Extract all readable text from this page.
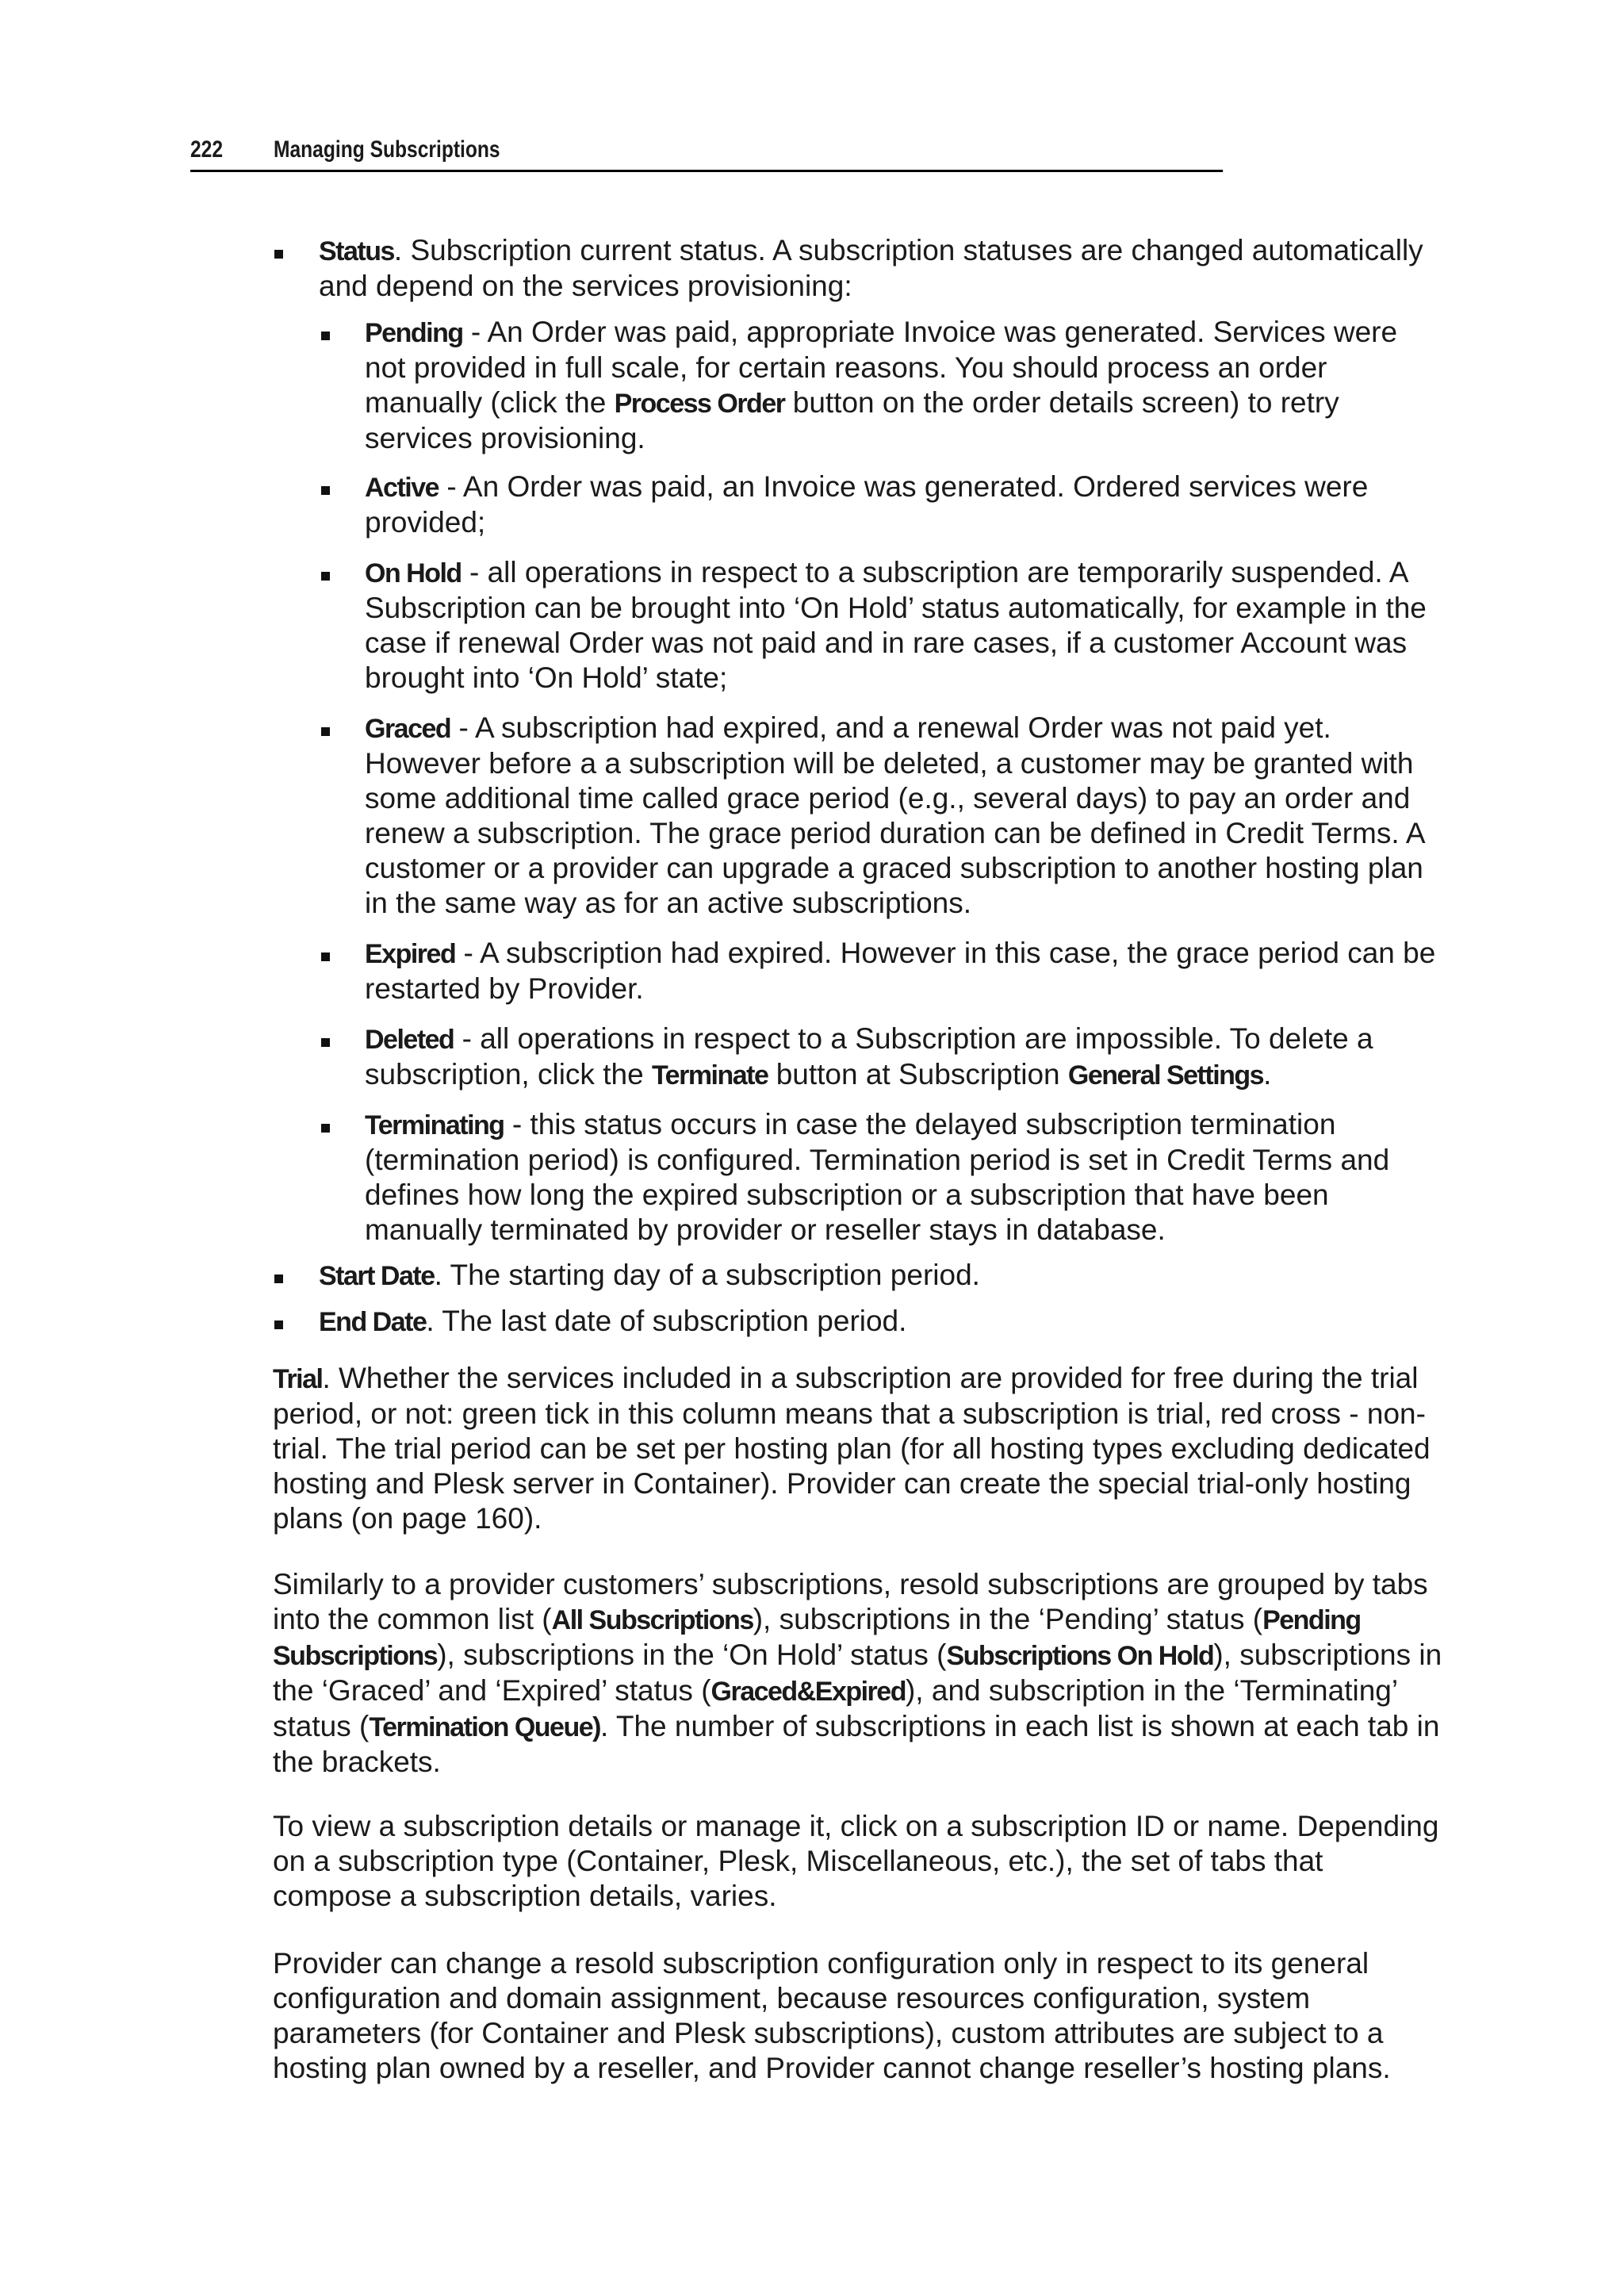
222 Managing Subscriptions
Status. Subscription current status. A subscription statuses are changed automatically and depend on the services provisioning:
Pending - An Order was paid, appropriate Invoice was generated. Services were not provided in full scale, for certain reasons. You should process an order manually (click the Process Order button on the order details screen) to retry services provisioning.
Active - An Order was paid, an Invoice was generated. Ordered services were provided;
On Hold - all operations in respect to a subscription are temporarily suspended. A Subscription can be brought into ‘On Hold’ status automatically, for example in the case if renewal Order was not paid and in rare cases, if a customer Account was brought into ‘On Hold’ state;
Graced - A subscription had expired, and a renewal Order was not paid yet. However before a a subscription will be deleted, a customer may be granted with some additional time called grace period (e.g., several days) to pay an order and renew a subscription. The grace period duration can be defined in Credit Terms. A customer or a provider can upgrade a graced subscription to another hosting plan in the same way as for an active subscriptions.
Expired - A subscription had expired. However in this case, the grace period can be restarted by Provider.
Deleted - all operations in respect to a Subscription are impossible. To delete a subscription, click the Terminate button at Subscription General Settings.
Terminating - this status occurs in case the delayed subscription termination (termination period) is configured. Termination period is set in Credit Terms and defines how long the expired subscription or a subscription that have been manually terminated by provider or reseller stays in database.
Start Date. The starting day of a subscription period.
End Date. The last date of subscription period.
Trial. Whether the services included in a subscription are provided for free during the trial period, or not: green tick in this column means that a subscription is trial, red cross - non-trial. The trial period can be set per hosting plan (for all hosting types excluding dedicated hosting and Plesk server in Container). Provider can create the special trial-only hosting plans (on page 160).
Similarly to a provider customers’ subscriptions, resold subscriptions are grouped by tabs into the common list (All Subscriptions), subscriptions in the ‘Pending’ status (Pending Subscriptions), subscriptions in the ‘On Hold’ status (Subscriptions On Hold), subscriptions in the ‘Graced’ and ‘Expired’ status (Graced&Expired), and subscription in the ‘Terminating’ status (Termination Queue). The number of subscriptions in each list is shown at each tab in the brackets.
To view a subscription details or manage it, click on a subscription ID or name. Depending on a subscription type (Container, Plesk, Miscellaneous, etc.), the set of tabs that compose a subscription details, varies.
Provider can change a resold subscription configuration only in respect to its general configuration and domain assignment, because resources configuration, system parameters (for Container and Plesk subscriptions), custom attributes are subject to a hosting plan owned by a reseller, and Provider cannot change reseller’s hosting plans.
